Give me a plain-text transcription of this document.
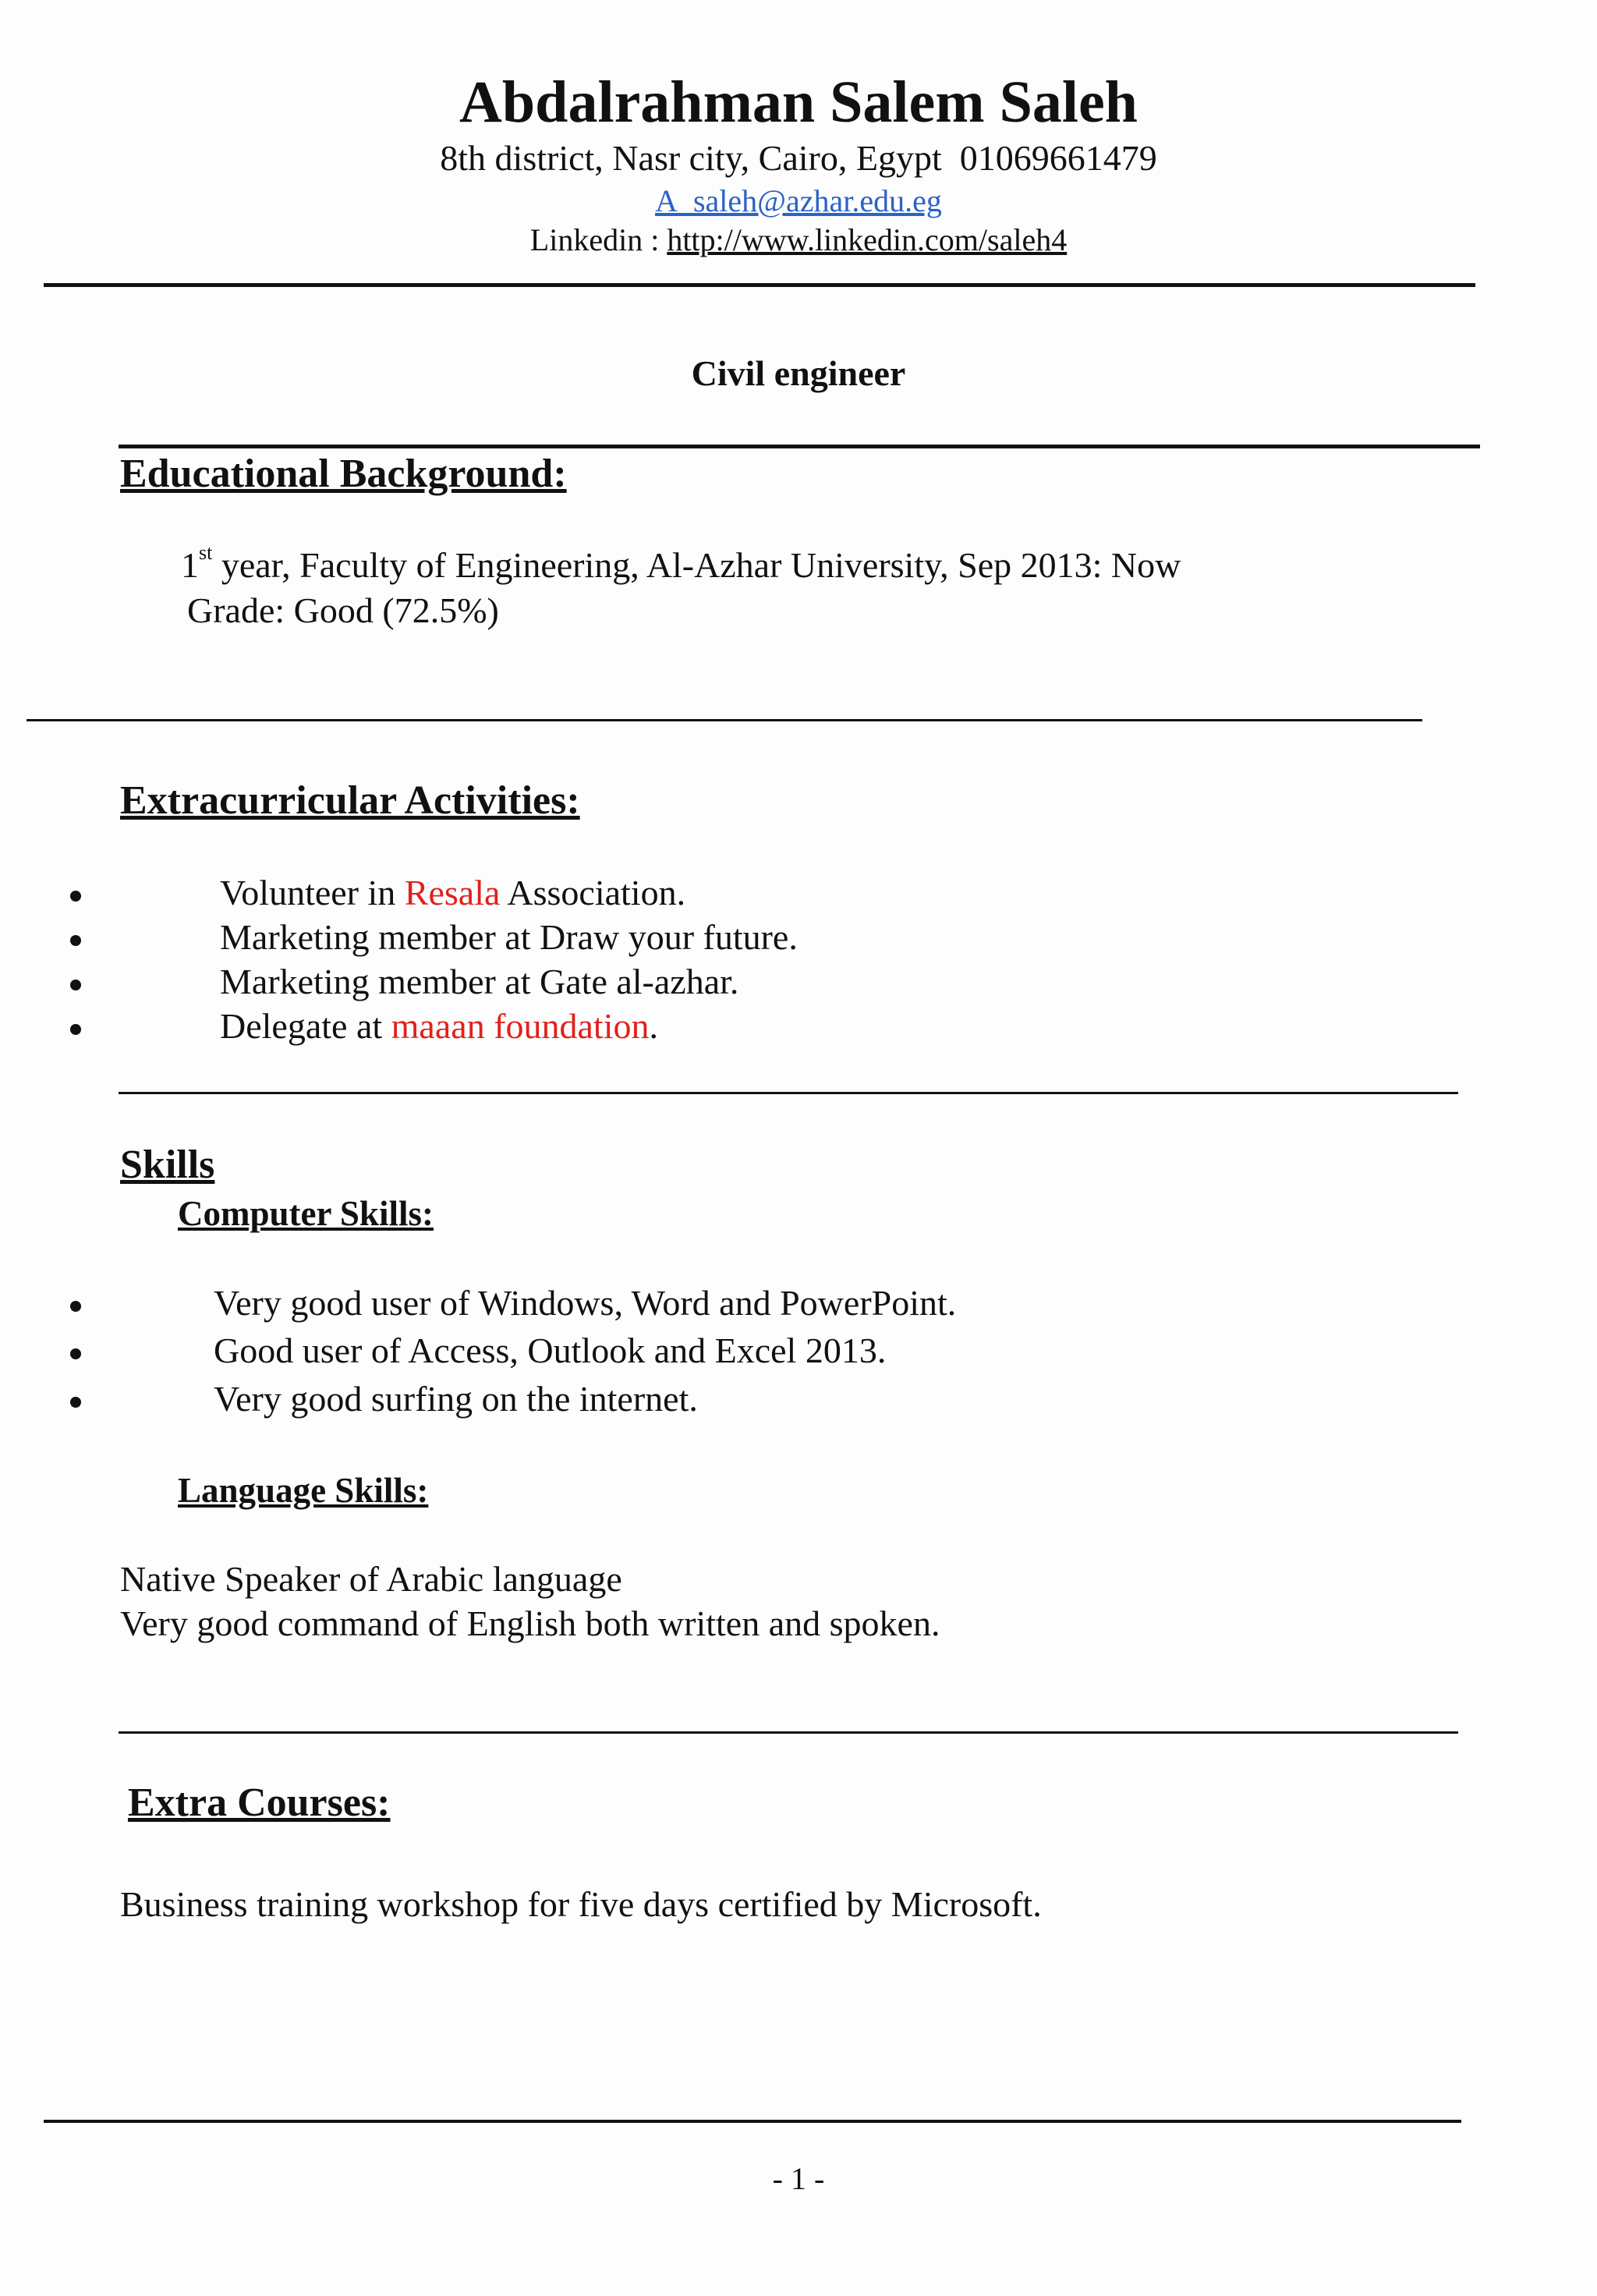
Abdalrahman Salem Saleh
8th district, Nasr city, Cairo, Egypt 01069661479
A_saleh@azhar.edu.eg
Linkedin : http://www.linkedin.com/saleh4
Civil engineer
Educational Background:
1st year, Faculty of Engineering, Al-Azhar University, Sep 2013: Now
Grade: Good (72.5%)
Extracurricular Activities:
Volunteer in Resala Association.
Marketing member at Draw your future.
Marketing member at Gate al-azhar.
Delegate at maaan foundation.
Skills
Computer Skills:
Very good user of Windows, Word and PowerPoint.
Good user of Access, Outlook and Excel 2013.
Very good surfing on the internet.
Language Skills:
Native Speaker of Arabic language
Very good command of English both written and spoken.
Extra Courses:
Business training workshop for five days certified by Microsoft.
- 1 -
